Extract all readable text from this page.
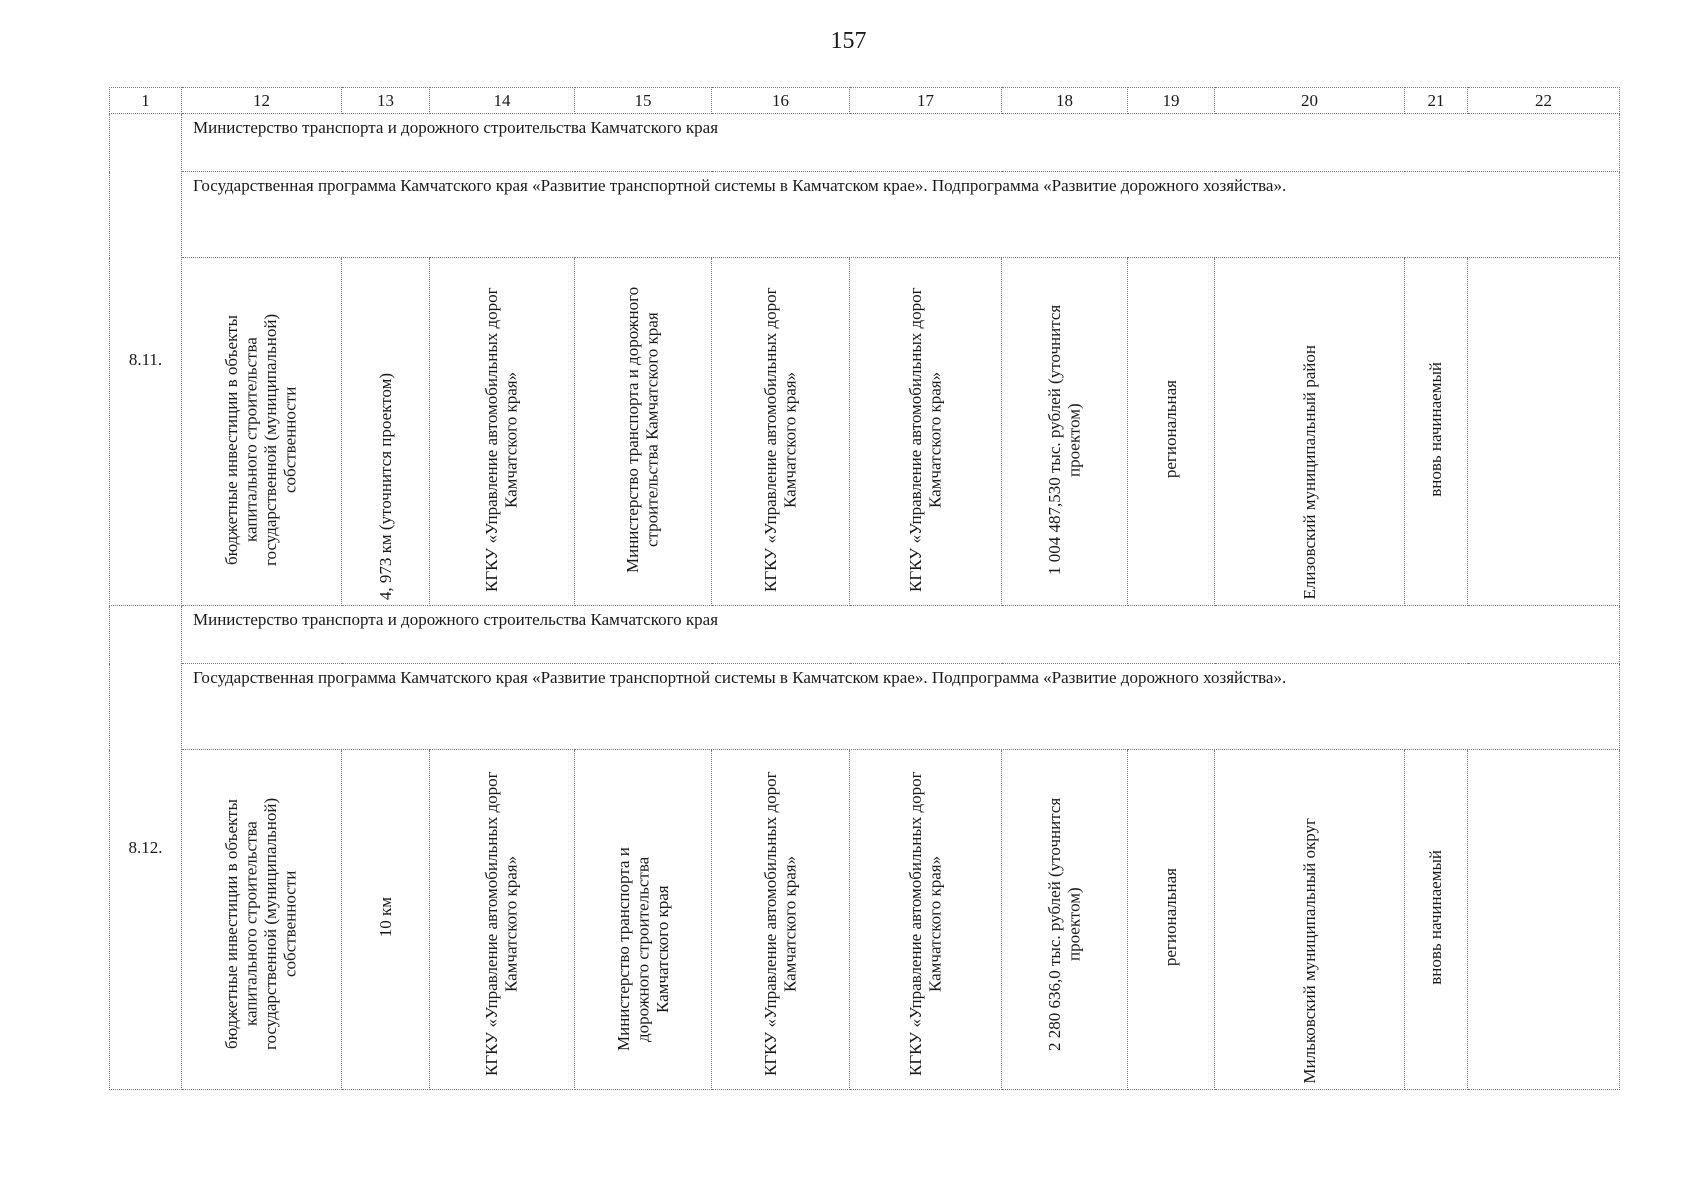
157
1	12	13	14	15	16	17	18	19	20	21	22
8.11.	Министерство транспорта и дорожного строительства Камчатского края										
	Государственная программа Камчатского края «Развитие транспортной системы в Камчатском крае». Подпрограмма «Развитие дорожного хозяйства».										
	бюджетные инвестиции в объекты капитального строительства государственной (муниципальной) собственности	4, 973 км (уточнится проектом)	КГКУ «Управление автомобильных дорог Камчатского края»	Министерство транспорта и дорожного строительства Камчатского края	КГКУ «Управление автомобильных дорог Камчатского края»	КГКУ «Управление автомобильных дорог Камчатского края»	1 004 487,530 тыс. рублей (уточнится проектом)	региональная	Елизовский муниципальный район	вновь начинаемый	
8.12.	Министерство транспорта и дорожного строительства Камчатского края										
	Государственная программа Камчатского края «Развитие транспортной системы в Камчатском крае». Подпрограмма «Развитие дорожного хозяйства».										
	бюджетные инвестиции в объекты капитального строительства государственной (муниципальной) собственности	10 км	КГКУ «Управление автомобильных дорог Камчатского края»	Министерство транспорта и дорожного строительства Камчатского края	КГКУ «Управление автомобильных дорог Камчатского края»	КГКУ «Управление автомобильных дорог Камчатского края»	2 280 636,0 тыс. рублей (уточнится проектом)	региональная	Мильковский муниципальный округ	вновь начинаемый	
